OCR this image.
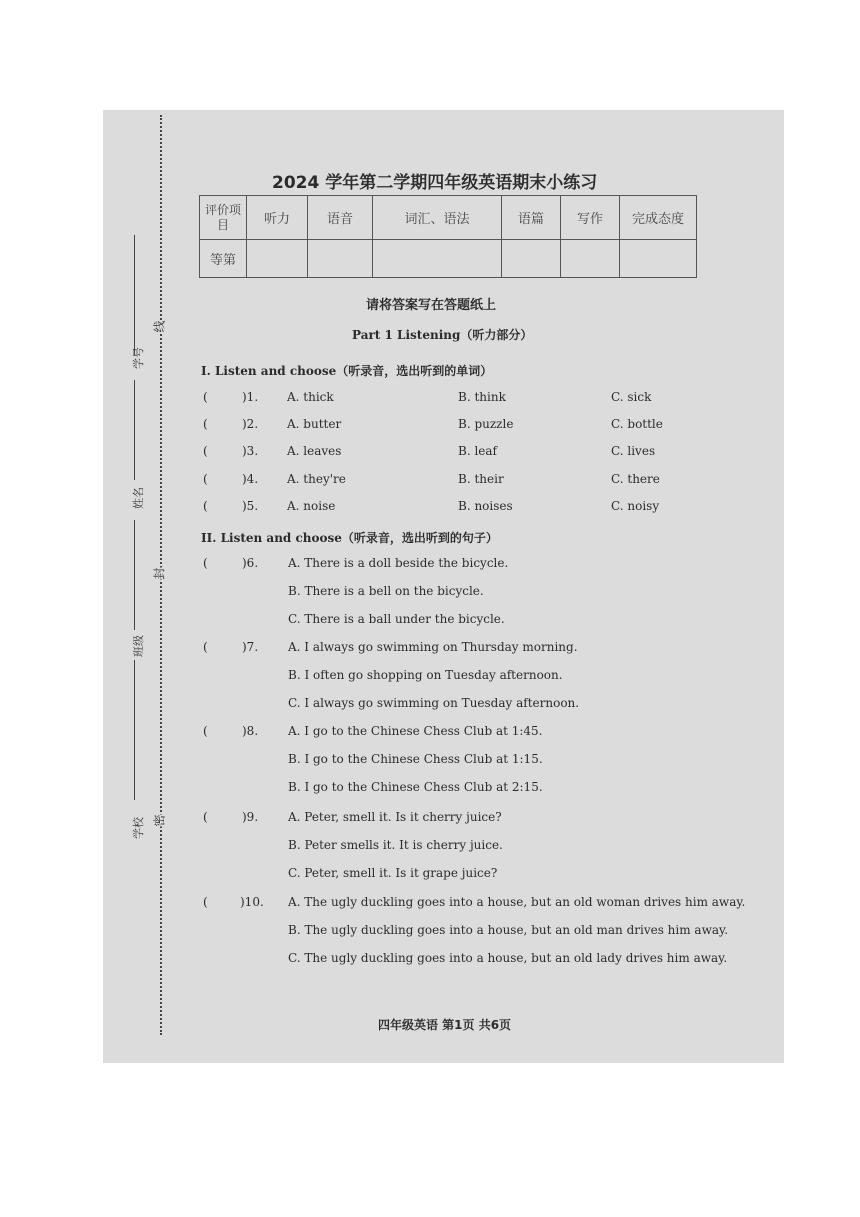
学号
姓名
班级
学校
线
封
密
2024 学年第二学期四年级英语期末小练习
评价项目	听力	语音	词汇、语法	语篇	写作	完成态度
等第						
请将答案写在答题纸上
Part 1 Listening（听力部分）
I. Listen and choose（听录音，选出听到的单词）
(	)1. A. thick	B. think	C. sick
(	)2. A. butter	B. puzzle	C. bottle
(	)3. A. leaves	B. leaf	C. lives
(	)4. A. they're	B. their	C. there
(	)5. A. noise	B. noises	C. noisy
II. Listen and choose（听录音，选出听到的句子）
(	)6. A. There is a doll beside the bicycle.
B. There is a bell on the bicycle.
C. There is a ball under the bicycle.
(	)7. A. I always go swimming on Thursday morning.
B. I often go shopping on Tuesday afternoon.
C. I always go swimming on Tuesday afternoon.
(	)8. A. I go to the Chinese Chess Club at 1:45.
B. I go to the Chinese Chess Club at 1:15.
B. I go to the Chinese Chess Club at 2:15.
(	)9. A. Peter, smell it. Is it cherry juice?
B. Peter smells it. It is cherry juice.
C. Peter, smell it. Is it grape juice?
(	)10. A. The ugly duckling goes into a house, but an old woman drives him away.
B. The ugly duckling goes into a house, but an old man drives him away.
C. The ugly duckling goes into a house, but an old lady drives him away.
四年级英语 第1页 共6页
